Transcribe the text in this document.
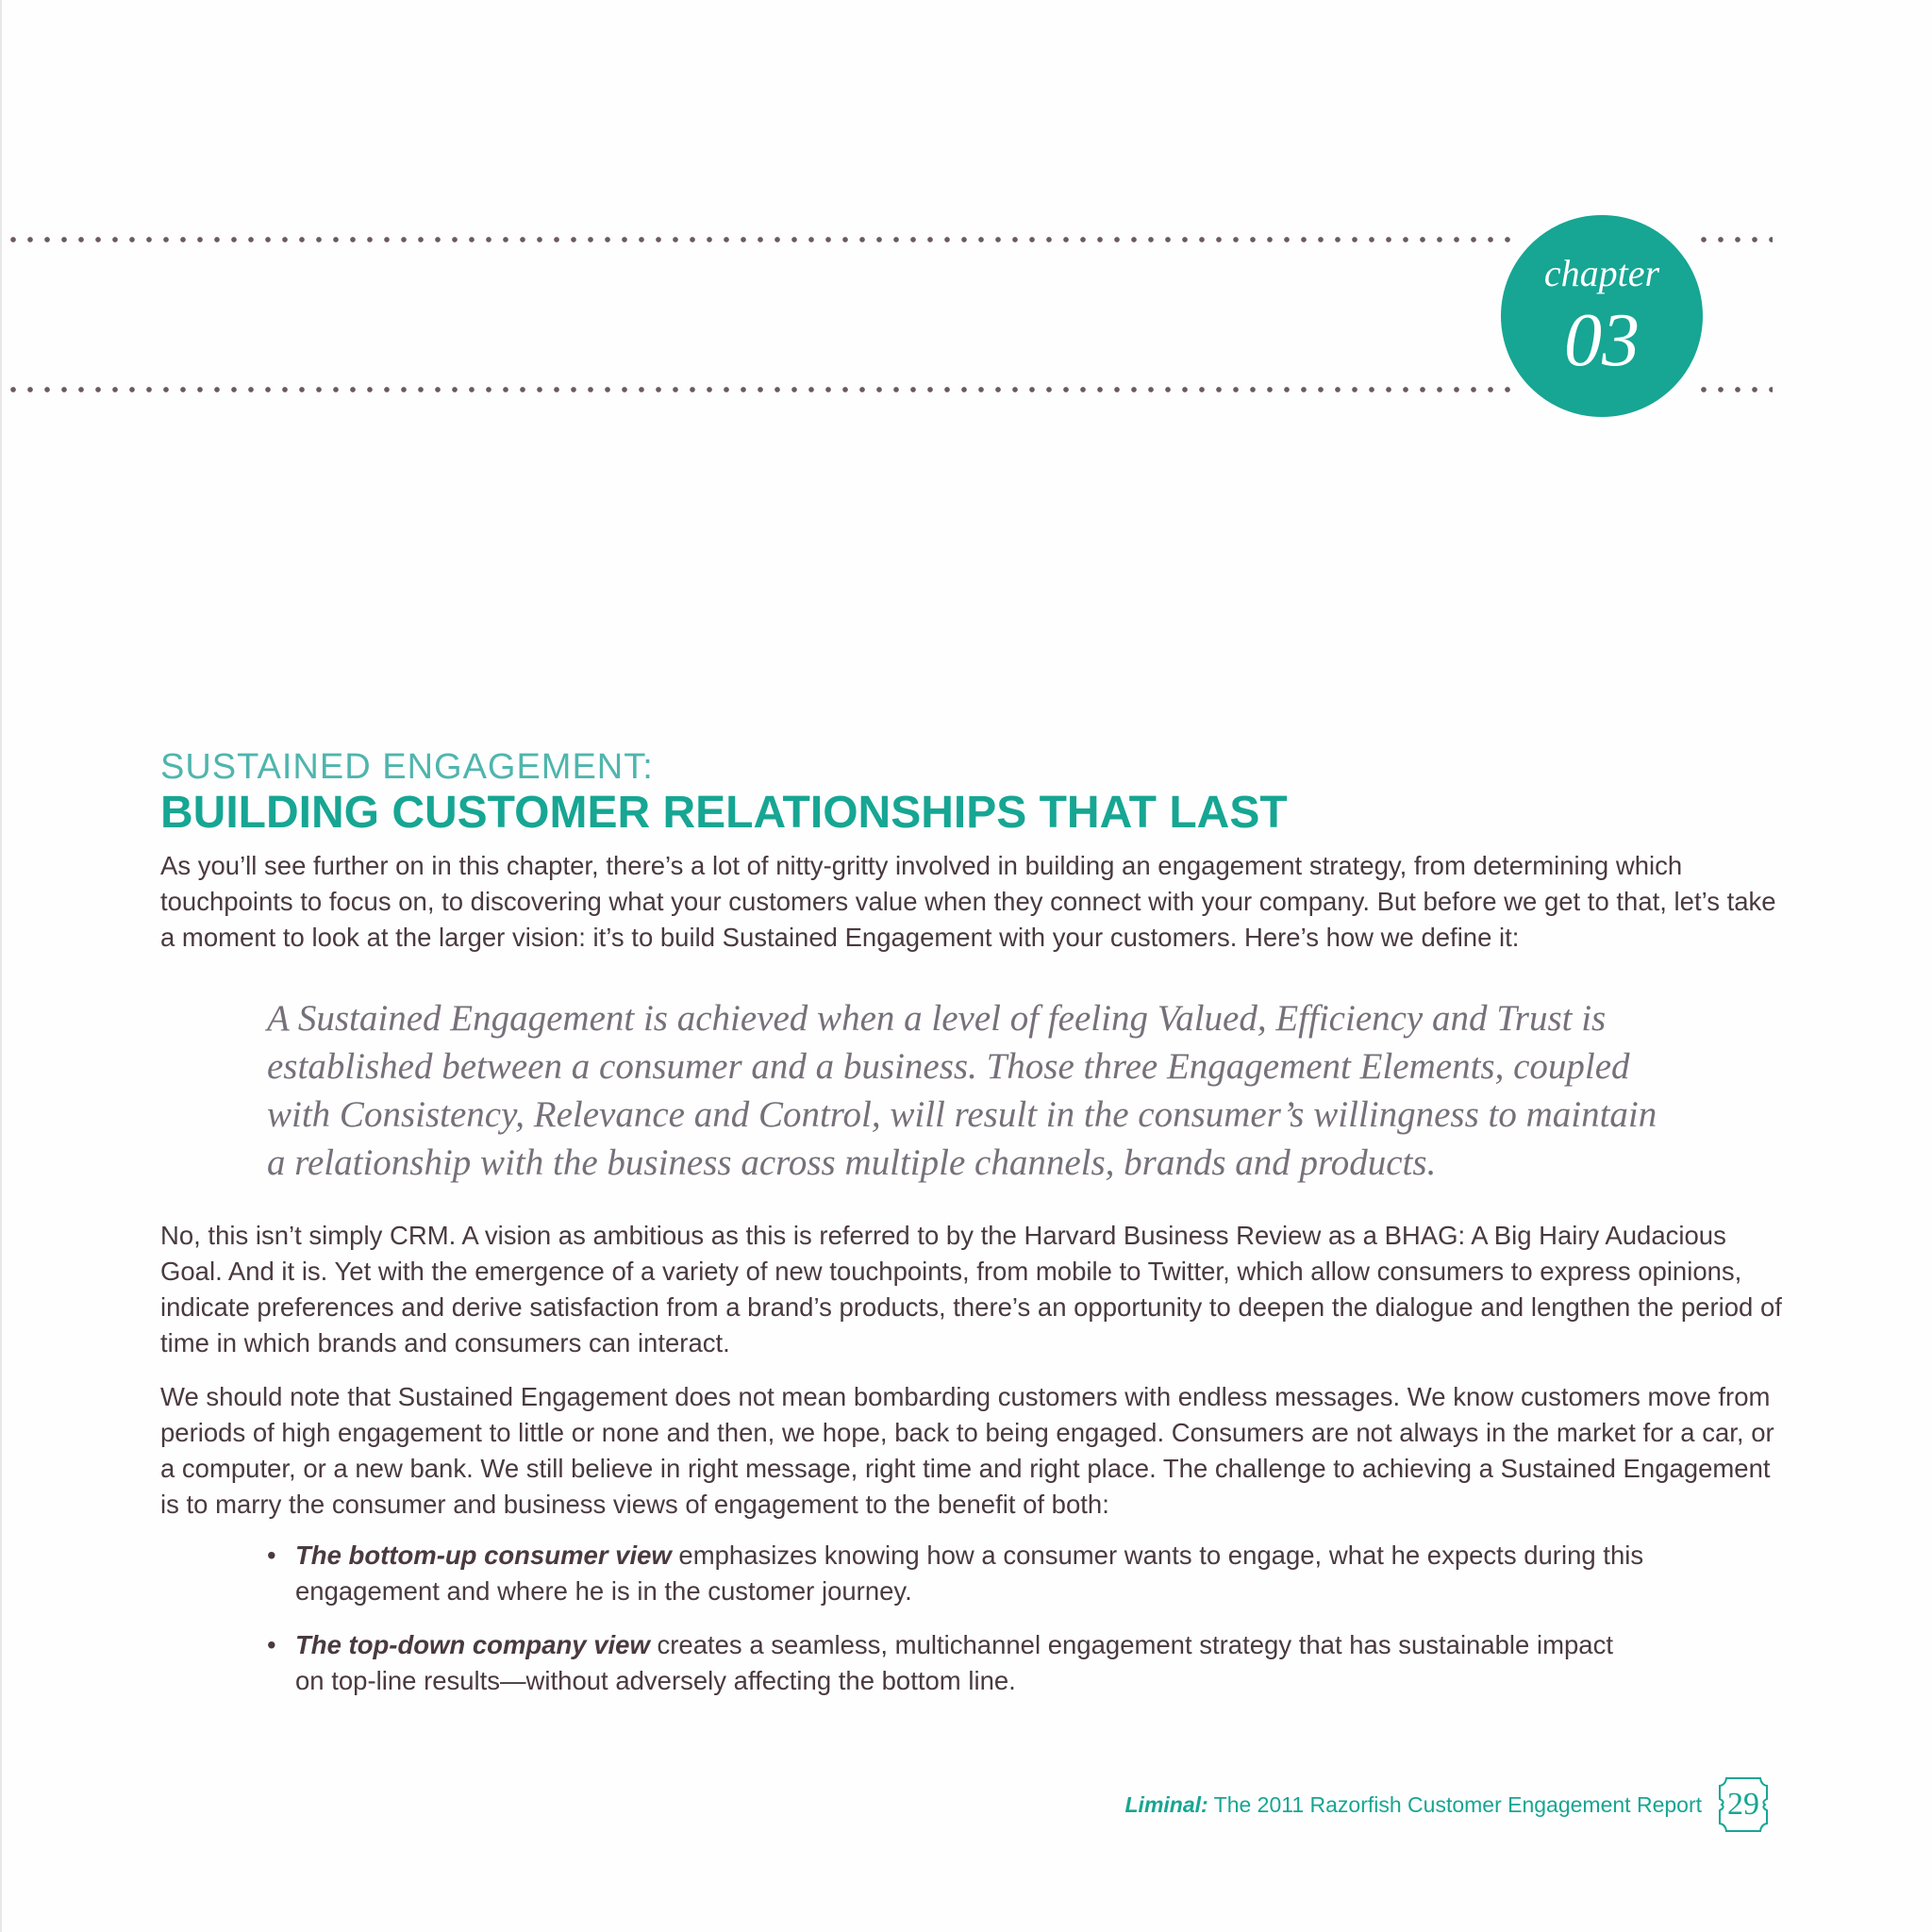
chapter
03
SUSTAINED ENGAGEMENT:
BUILDING CUSTOMER RELATIONSHIPS THAT LAST

As you’ll see further on in this chapter, there’s a lot of nitty-gritty involved in building an engagement strategy, from determining which touchpoints to focus on, to discovering what your customers value when they connect with your company. But before we get to that, let’s take a moment to look at the larger vision: it’s to build Sustained Engagement with your customers. Here’s how we define it:

A Sustained Engagement is achieved when a level of feeling Valued, Efficiency and Trust is established between a consumer and a business. Those three Engagement Elements, coupled with Consistency, Relevance and Control, will result in the consumer’s willingness to maintain a relationship with the business across multiple channels, brands and products.

No, this isn’t simply CRM. A vision as ambitious as this is referred to by the Harvard Business Review as a BHAG: A Big Hairy Audacious Goal. And it is. Yet with the emergence of a variety of new touchpoints, from mobile to Twitter, which allow consumers to express opinions, indicate preferences and derive satisfaction from a brand’s products, there’s an opportunity to deepen the dialogue and lengthen the period of time in which brands and consumers can interact.

We should note that Sustained Engagement does not mean bombarding customers with endless messages. We know customers move from periods of high engagement to little or none and then, we hope, back to being engaged. Consumers are not always in the market for a car, or a computer, or a new bank. We still believe in right message, right time and right place. The challenge to achieving a Sustained Engagement is to marry the consumer and business views of engagement to the benefit of both:

• The bottom-up consumer view emphasizes knowing how a consumer wants to engage, what he expects during this engagement and where he is in the customer journey.
• The top-down company view creates a seamless, multichannel engagement strategy that has sustainable impact on top-line results—without adversely affecting the bottom line.
Liminal: The 2011 Razorfish Customer Engagement Report 29
